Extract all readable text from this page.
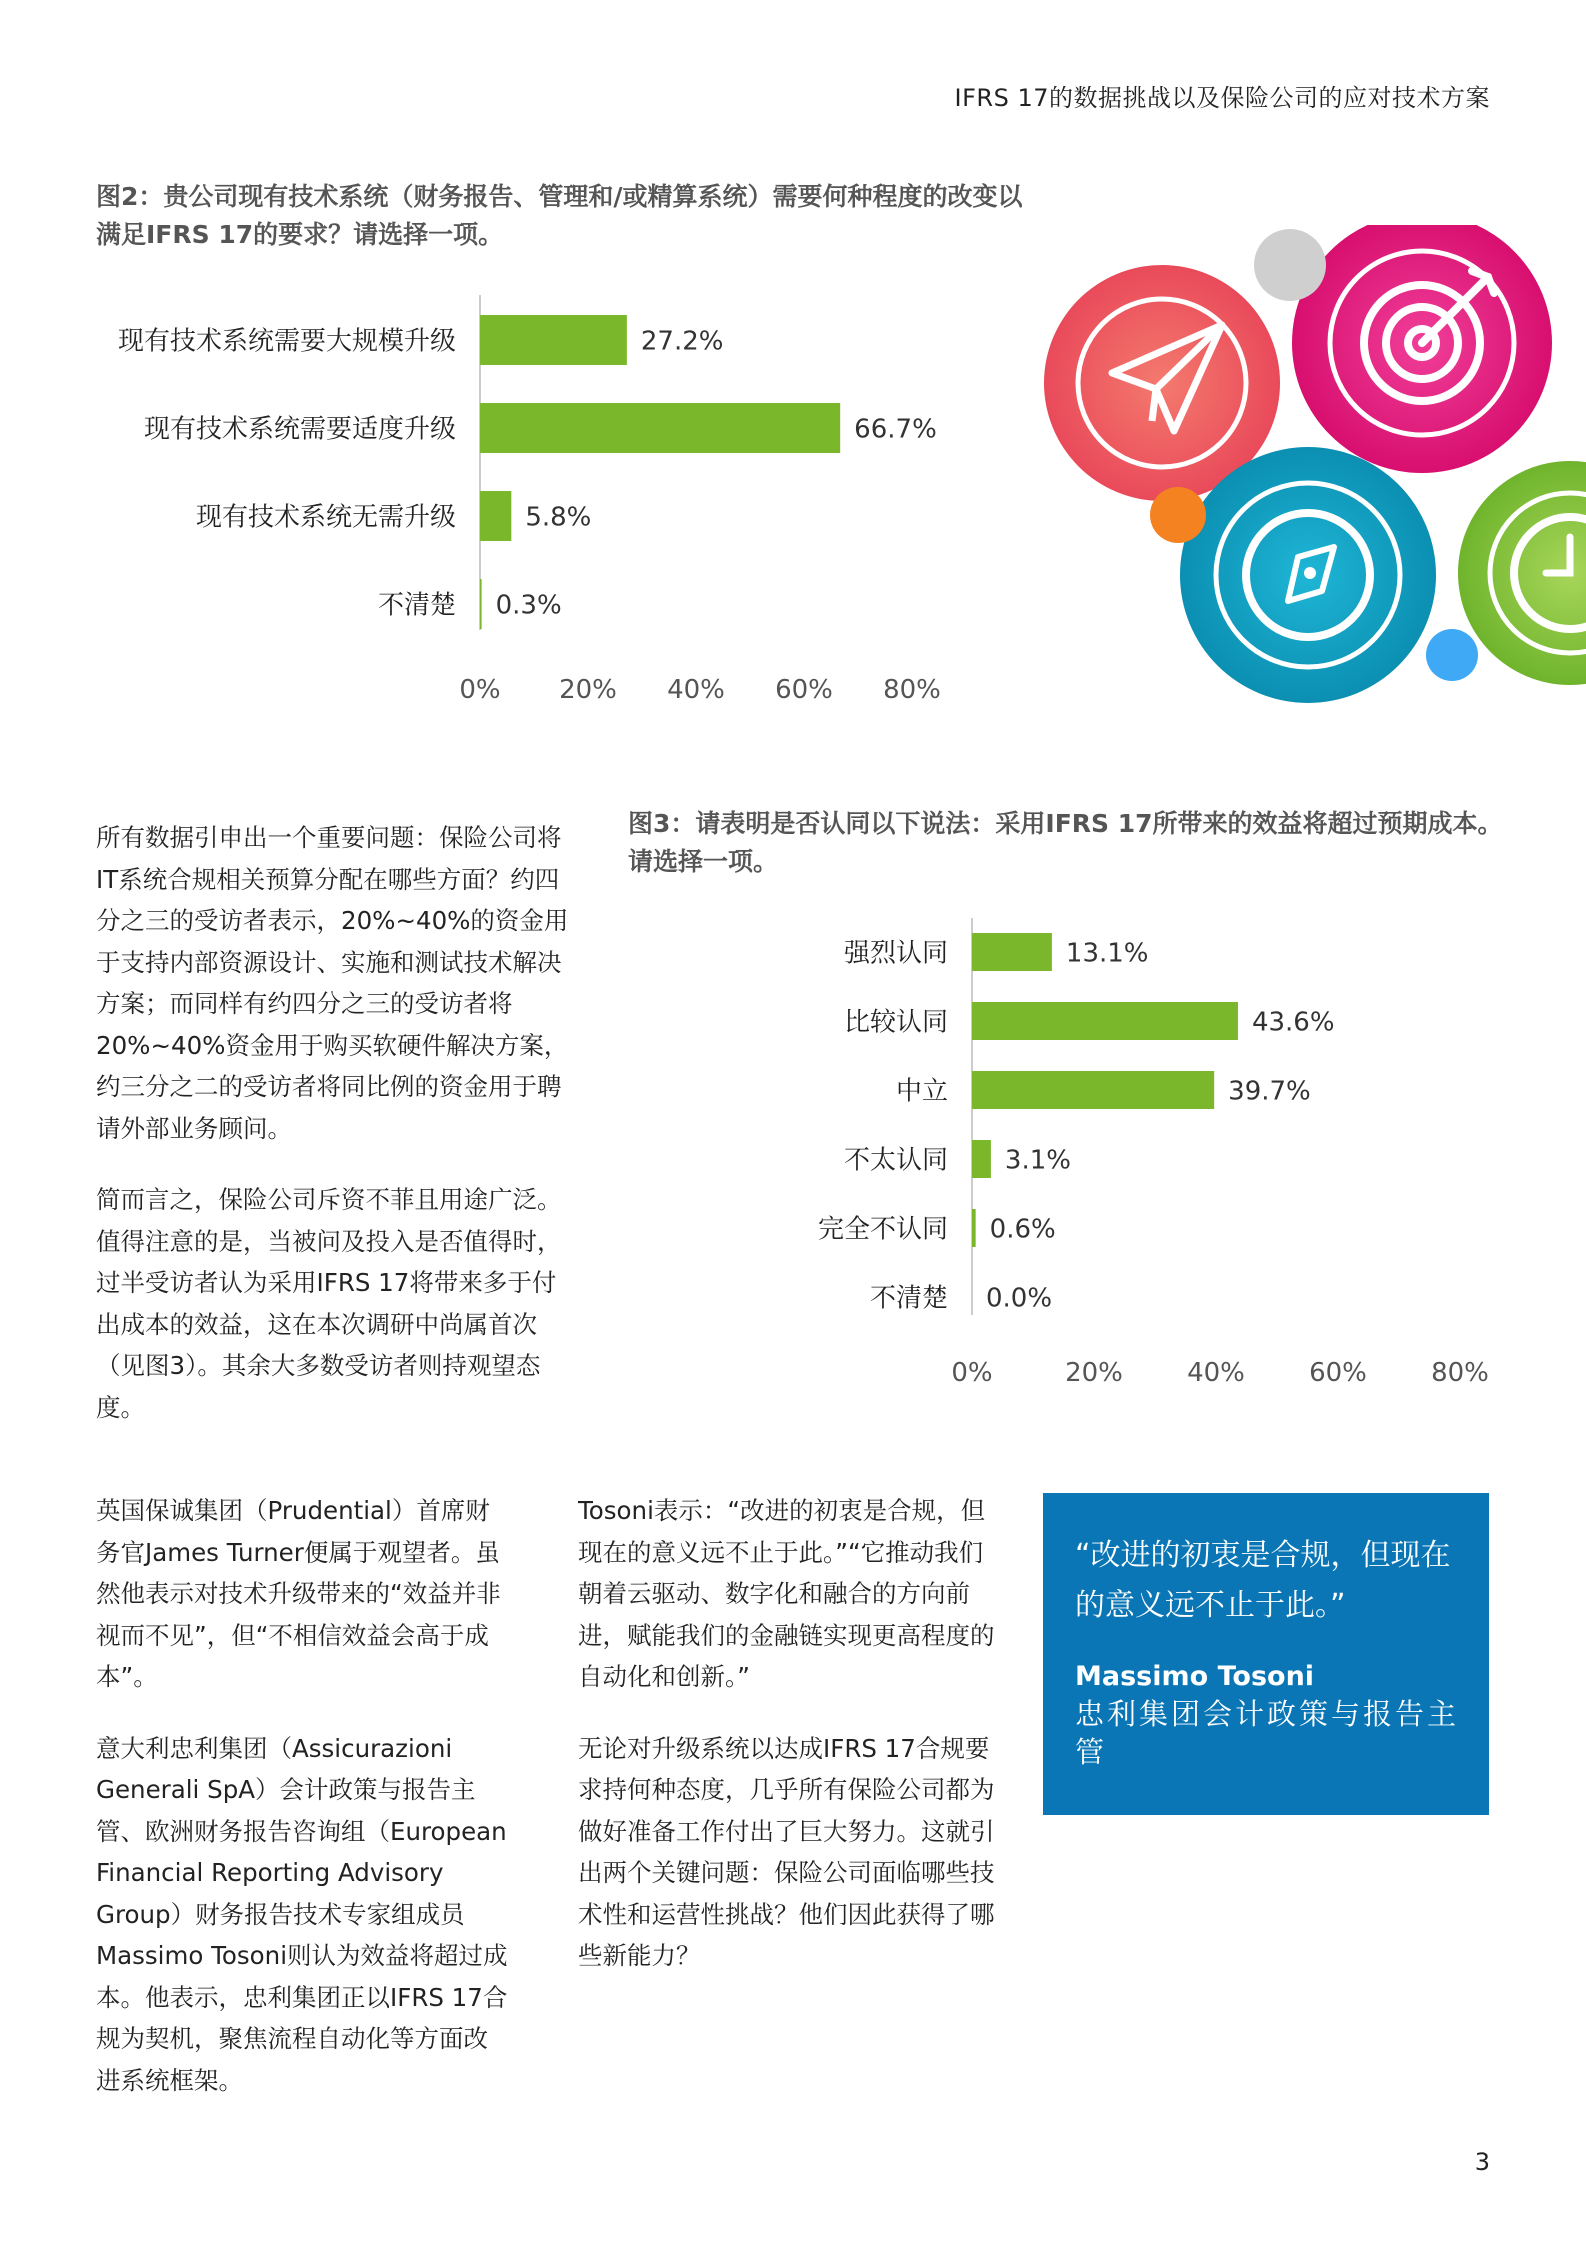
IFRS 17的数据挑战以及保险公司的应对技术方案
图2：贵公司现有技术系统（财务报告、管理和/或精算系统）需要何种程度的改变以满足IFRS 17的要求？请选择一项。
现有技术系统需要大规模升级	27.2%
现有技术系统需要适度升级	66.7%
现有技术系统无需升级	5.8%
不清楚 0.3%
0% 20% 40% 60% 80%

所有数据引申出一个重要问题：保险公司将IT系统合规相关预算分配在哪些方面？约四分之三的受访者表示，20%~40%的资金用于支持内部资源设计、实施和测试技术解决方案；而同样有约四分之三的受访者将20%~40%资金用于购买软硬件解决方案，约三分之二的受访者将同比例的资金用于聘请外部业务顾问。

简而言之，保险公司斥资不菲且用途广泛。值得注意的是，当被问及投入是否值得时，过半受访者认为采用IFRS 17将带来多于付出成本的效益，这在本次调研中尚属首次（见图3）。其余大多数受访者则持观望态度。

图3：请表明是否认同以下说法：采用IFRS 17所带来的效益将超过预期成本。请选择一项。
强烈认同	13.1%
比较认同	43.6%
中立	39.7%
不太认同 3.1%
完全不认同 0.6%
不清楚 0.0%
0%	20% 40% 60% 80%

英国保诚集团（Prudential）首席财务官James Turner便属于观望者。虽然他表示对技术升级带来的“效益并非视而不见”，但“不相信效益会高于成本”。

意大利忠利集团（Assicurazioni Generali SpA）会计政策与报告主管、欧洲财务报告咨询组（European Financial Reporting Advisory Group）财务报告技术专家组成员Massimo Tosoni则认为效益将超过成本。他表示，忠利集团正以IFRS 17合规为契机，聚焦流程自动化等方面改进系统框架。

Tosoni表示：“改进的初衷是合规，但现在的意义远不止于此。”“它推动我们朝着云驱动、数字化和融合的方向前进，赋能我们的金融链实现更高程度的自动化和创新。”

无论对升级系统以达成IFRS 17合规要求持何种态度，几乎所有保险公司都为做好准备工作付出了巨大努力。这就引出两个关键问题：保险公司面临哪些技术性和运营性挑战？他们因此获得了哪些新能力？

“改进的初衷是合规，但现在的意义远不止于此。”
Massimo Tosoni
忠利集团会计政策与报告主管
3
